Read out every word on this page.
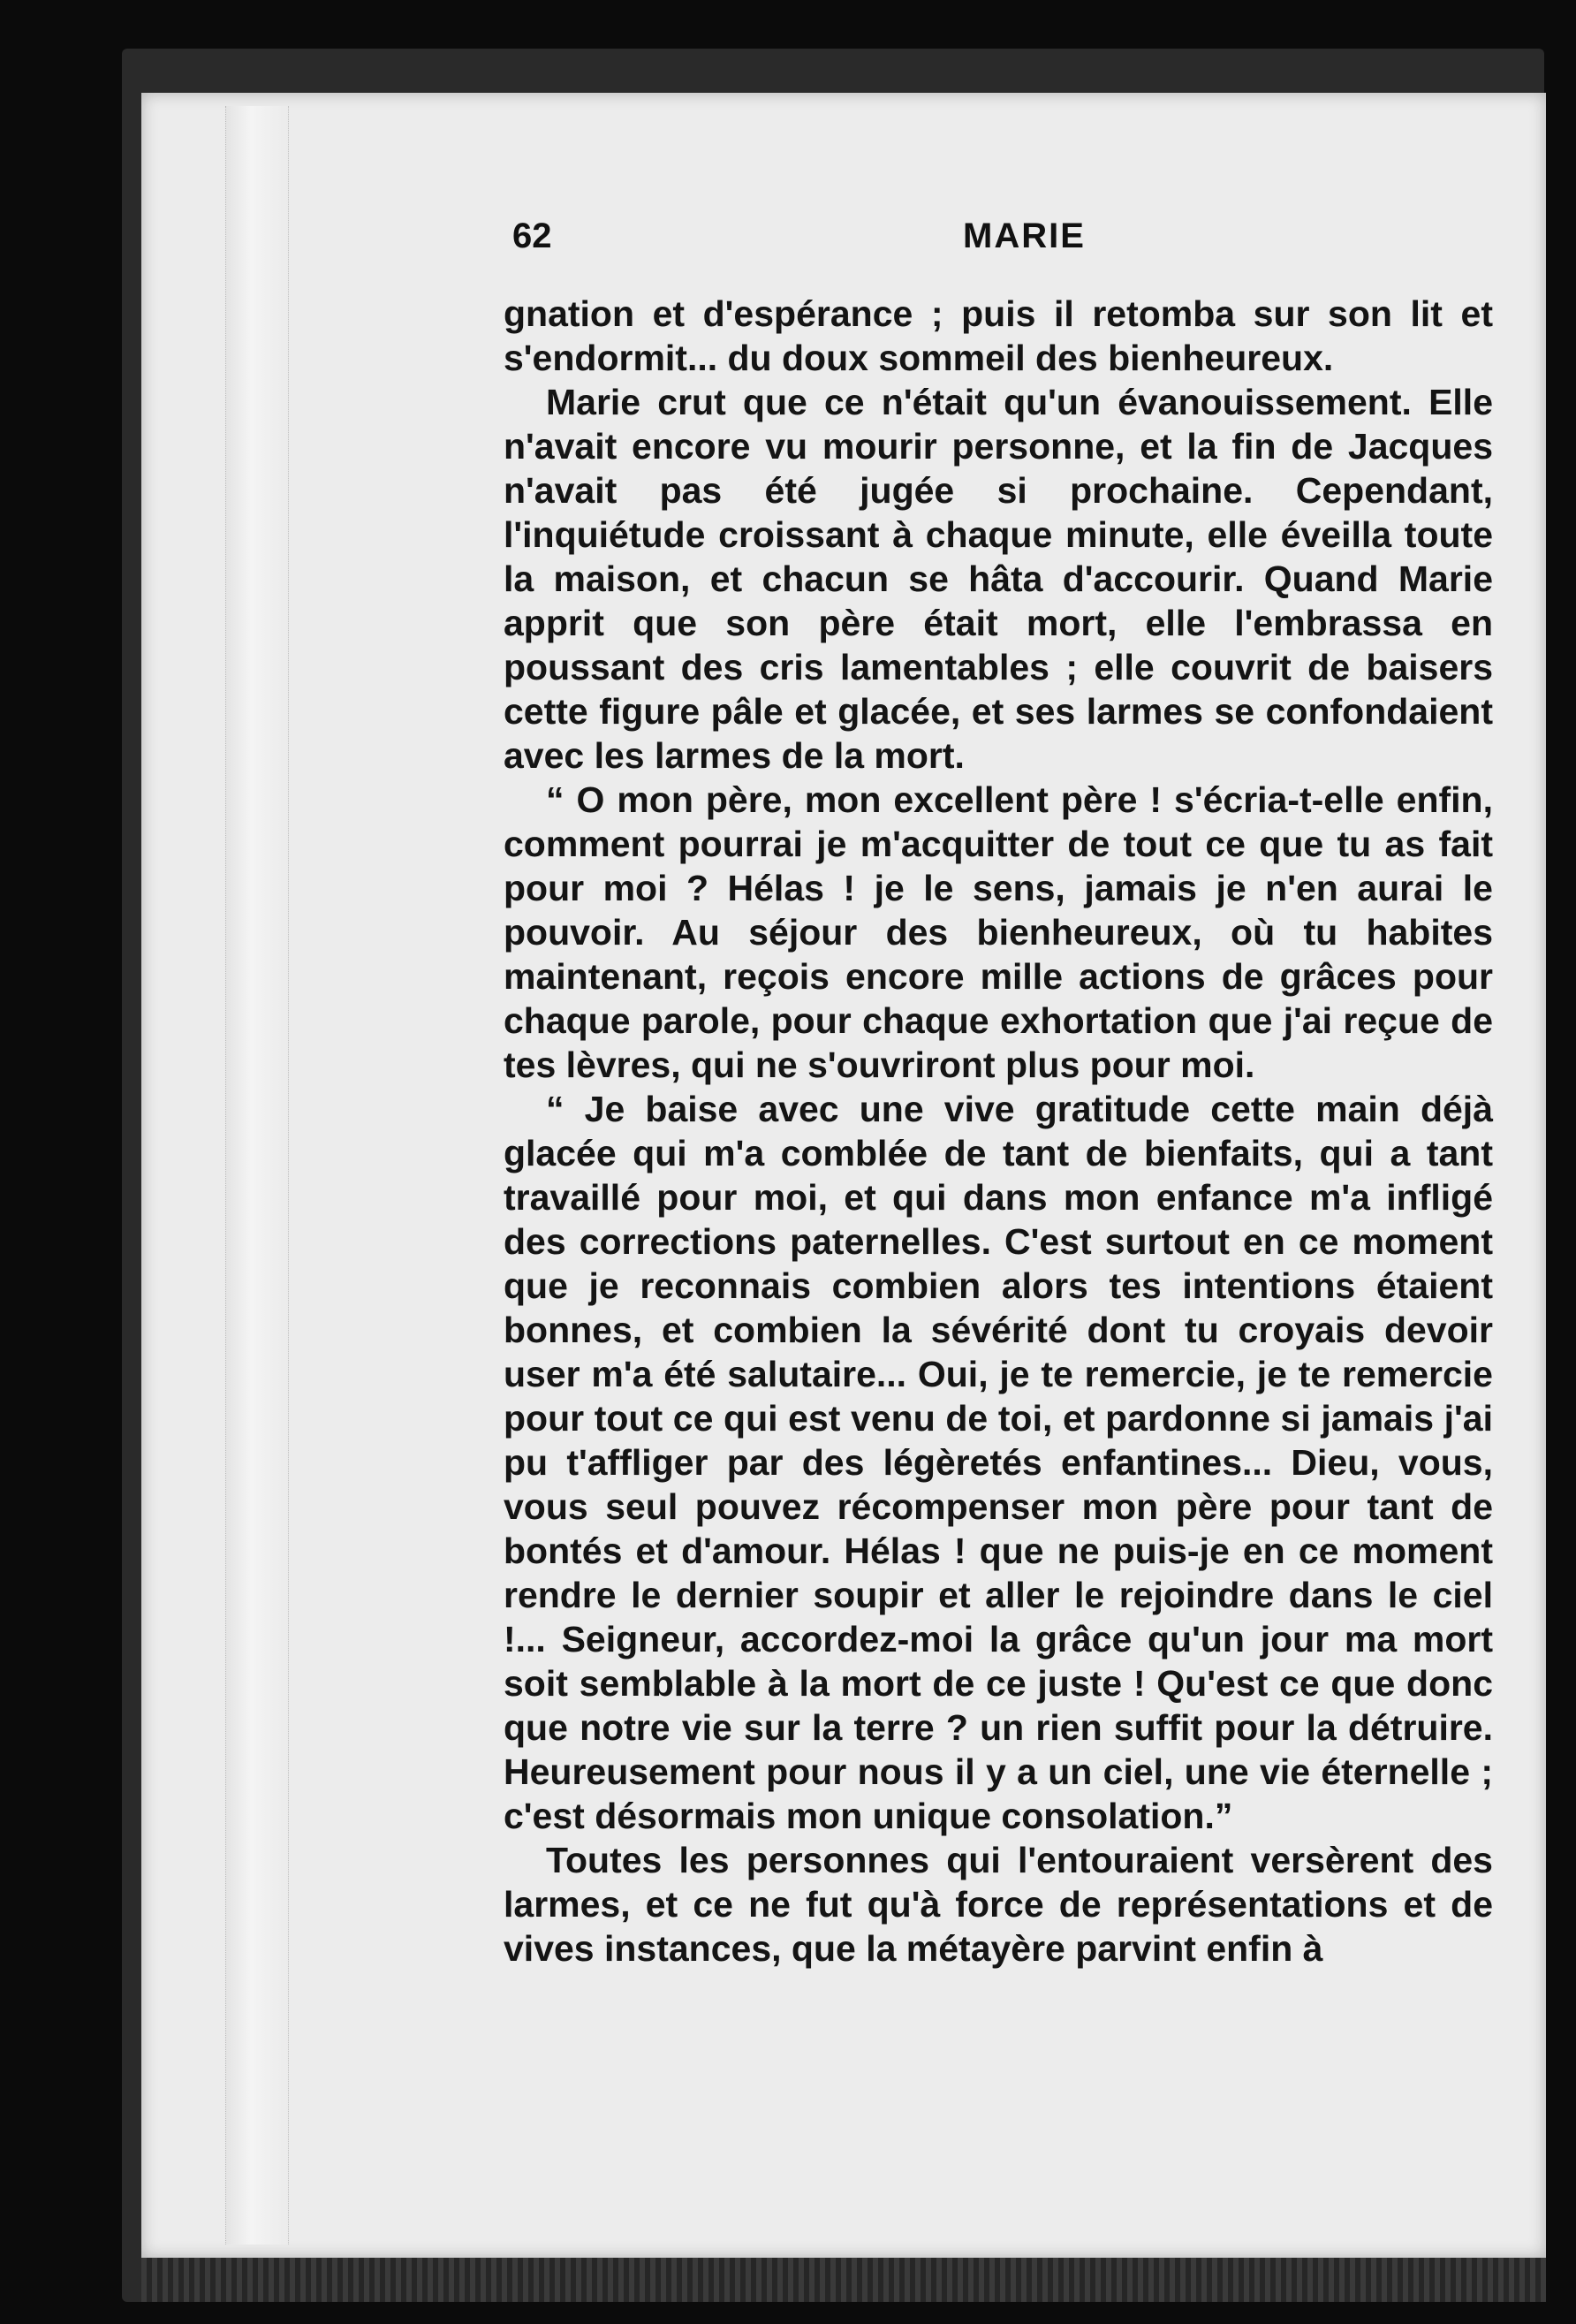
62	MARIE

gnation et d'espérance ; puis il retomba sur son lit et s'endormit... du doux sommeil des bienheureux.

Marie crut que ce n'était qu'un évanouissement. Elle n'avait encore vu mourir personne, et la fin de Jacques n'avait pas été jugée si prochaine. Cependant, l'inquiétude croissant à chaque minute, elle éveilla toute la maison, et chacun se hâta d'accourir. Quand Marie apprit que son père était mort, elle l'embrassa en poussant des cris lamentables ; elle couvrit de baisers cette figure pâle et glacée, et ses larmes se confondaient avec les larmes de la mort.

“ O mon père, mon excellent père ! s'écria-t-elle enfin, comment pourrai je m'acquitter de tout ce que tu as fait pour moi ? Hélas ! je le sens, jamais je n'en aurai le pouvoir. Au séjour des bienheureux, où tu habites maintenant, reçois encore mille actions de grâces pour chaque parole, pour chaque exhortation que j'ai reçue de tes lèvres, qui ne s'ouvriront plus pour moi.

“ Je baise avec une vive gratitude cette main déjà glacée qui m'a comblée de tant de bienfaits, qui a tant travaillé pour moi, et qui dans mon enfance m'a infligé des corrections paternelles. C'est surtout en ce moment que je reconnais combien alors tes intentions étaient bonnes, et combien la sévérité dont tu croyais devoir user m'a été salutaire... Oui, je te remercie, je te remercie pour tout ce qui est venu de toi, et pardonne si jamais j'ai pu t'affliger par des légèretés enfantines... Dieu, vous, vous seul pouvez récompenser mon père pour tant de bontés et d'amour. Hélas ! que ne puis-je en ce moment rendre le dernier soupir et aller le rejoindre dans le ciel !... Seigneur, accordez-moi la grâce qu'un jour ma mort soit semblable à la mort de ce juste ! Qu'est ce que donc que notre vie sur la terre ? un rien suffit pour la détruire. Heureusement pour nous il y a un ciel, une vie éternelle ; c'est désormais mon unique consolation.”

Toutes les personnes qui l'entouraient versèrent des larmes, et ce ne fut qu'à force de représentations et de vives instances, que la métayère parvint enfin à
